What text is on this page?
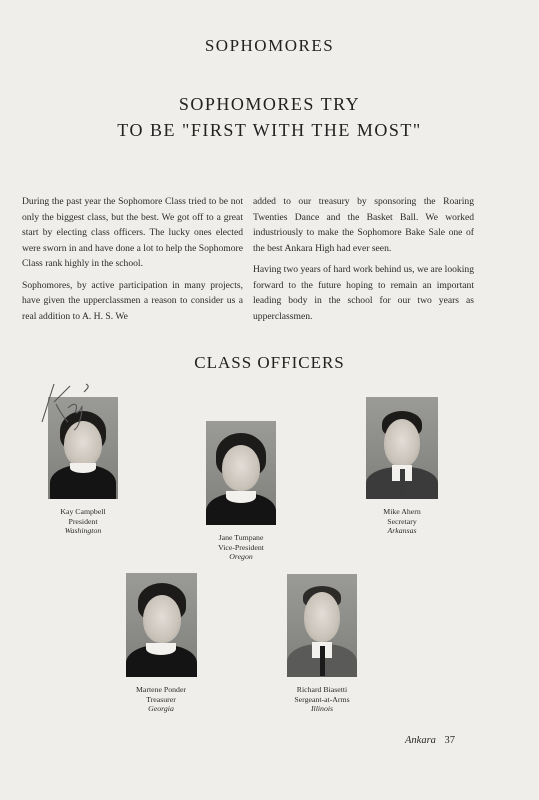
SOPHOMORES
SOPHOMORES TRY
TO BE "FIRST WITH THE MOST"

During the past year the Sophomore Class tried to be not only the biggest class, but the best. We got off to a great start by electing class officers. The lucky ones elected were sworn in and have done a lot to help the Sophomore Class rank highly in the school.

Sophomores, by active participation in many projects, have given the upperclassmen a reason to consider us a real addition to A. H. S. We

added to our treasury by sponsoring the Roaring Twenties Dance and the Basket Ball. We worked industriously to make the Sophomore Bake Sale one of the best Ankara High had ever seen.

Having two years of hard work behind us, we are looking forward to the future hoping to remain an important leading body in the school for our two years as upperclassmen.

CLASS OFFICERS
Kay Campbell
President
Washington
Jane Tumpane
Vice-President
Oregon
Mike Ahern
Secretary
Arkansas
Martene Ponder
Treasurer
Georgia
Richard Biasetti
Sergeant-at-Arms
Illinois
Ankara 37
